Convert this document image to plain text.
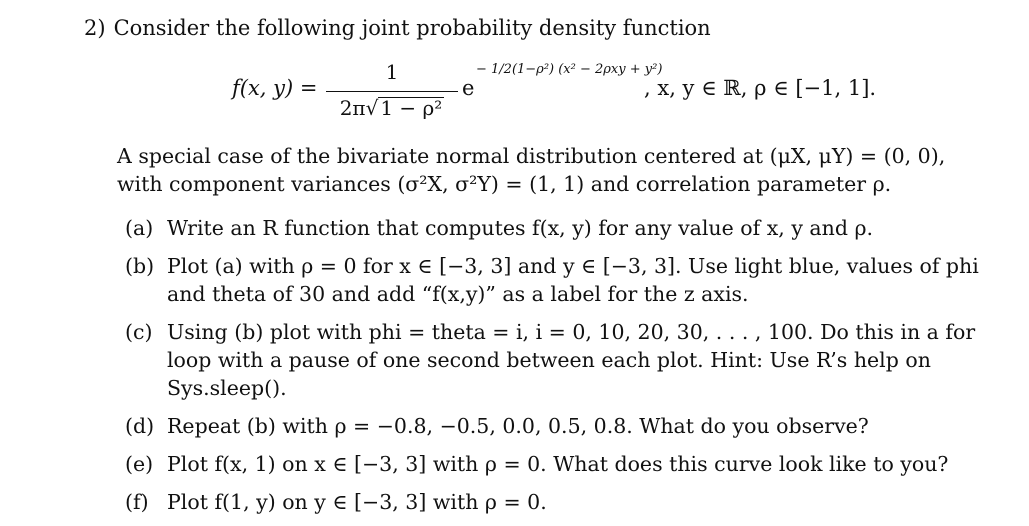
2) Consider the following joint probability density function
f(x, y) =
1
2π√ 1 − ρ²
e
− 1/2(1−ρ²) (x² − 2ρxy + y²)
, x, y ∈ ℝ, ρ ∈ [−1, 1].
A special case of the bivariate normal distribution centered at (μX, μY) = (0, 0), with component variances (σ²X, σ²Y) = (1, 1) and correlation parameter ρ.
(a) Write an R function that computes f(x, y) for any value of x, y and ρ.
(b) Plot (a) with ρ = 0 for x ∈ [−3, 3] and y ∈ [−3, 3]. Use light blue, values of phi and theta of 30 and add “f(x,y)” as a label for the z axis.
(c) Using (b) plot with phi = theta = i, i = 0, 10, 20, 30, . . . , 100. Do this in a for loop with a pause of one second between each plot. Hint: Use R’s help on Sys.sleep().
(d) Repeat (b) with ρ = −0.8, −0.5, 0.0, 0.5, 0.8. What do you observe?
(e) Plot f(x, 1) on x ∈ [−3, 3] with ρ = 0. What does this curve look like to you?
(f) Plot f(1, y) on y ∈ [−3, 3] with ρ = 0.
